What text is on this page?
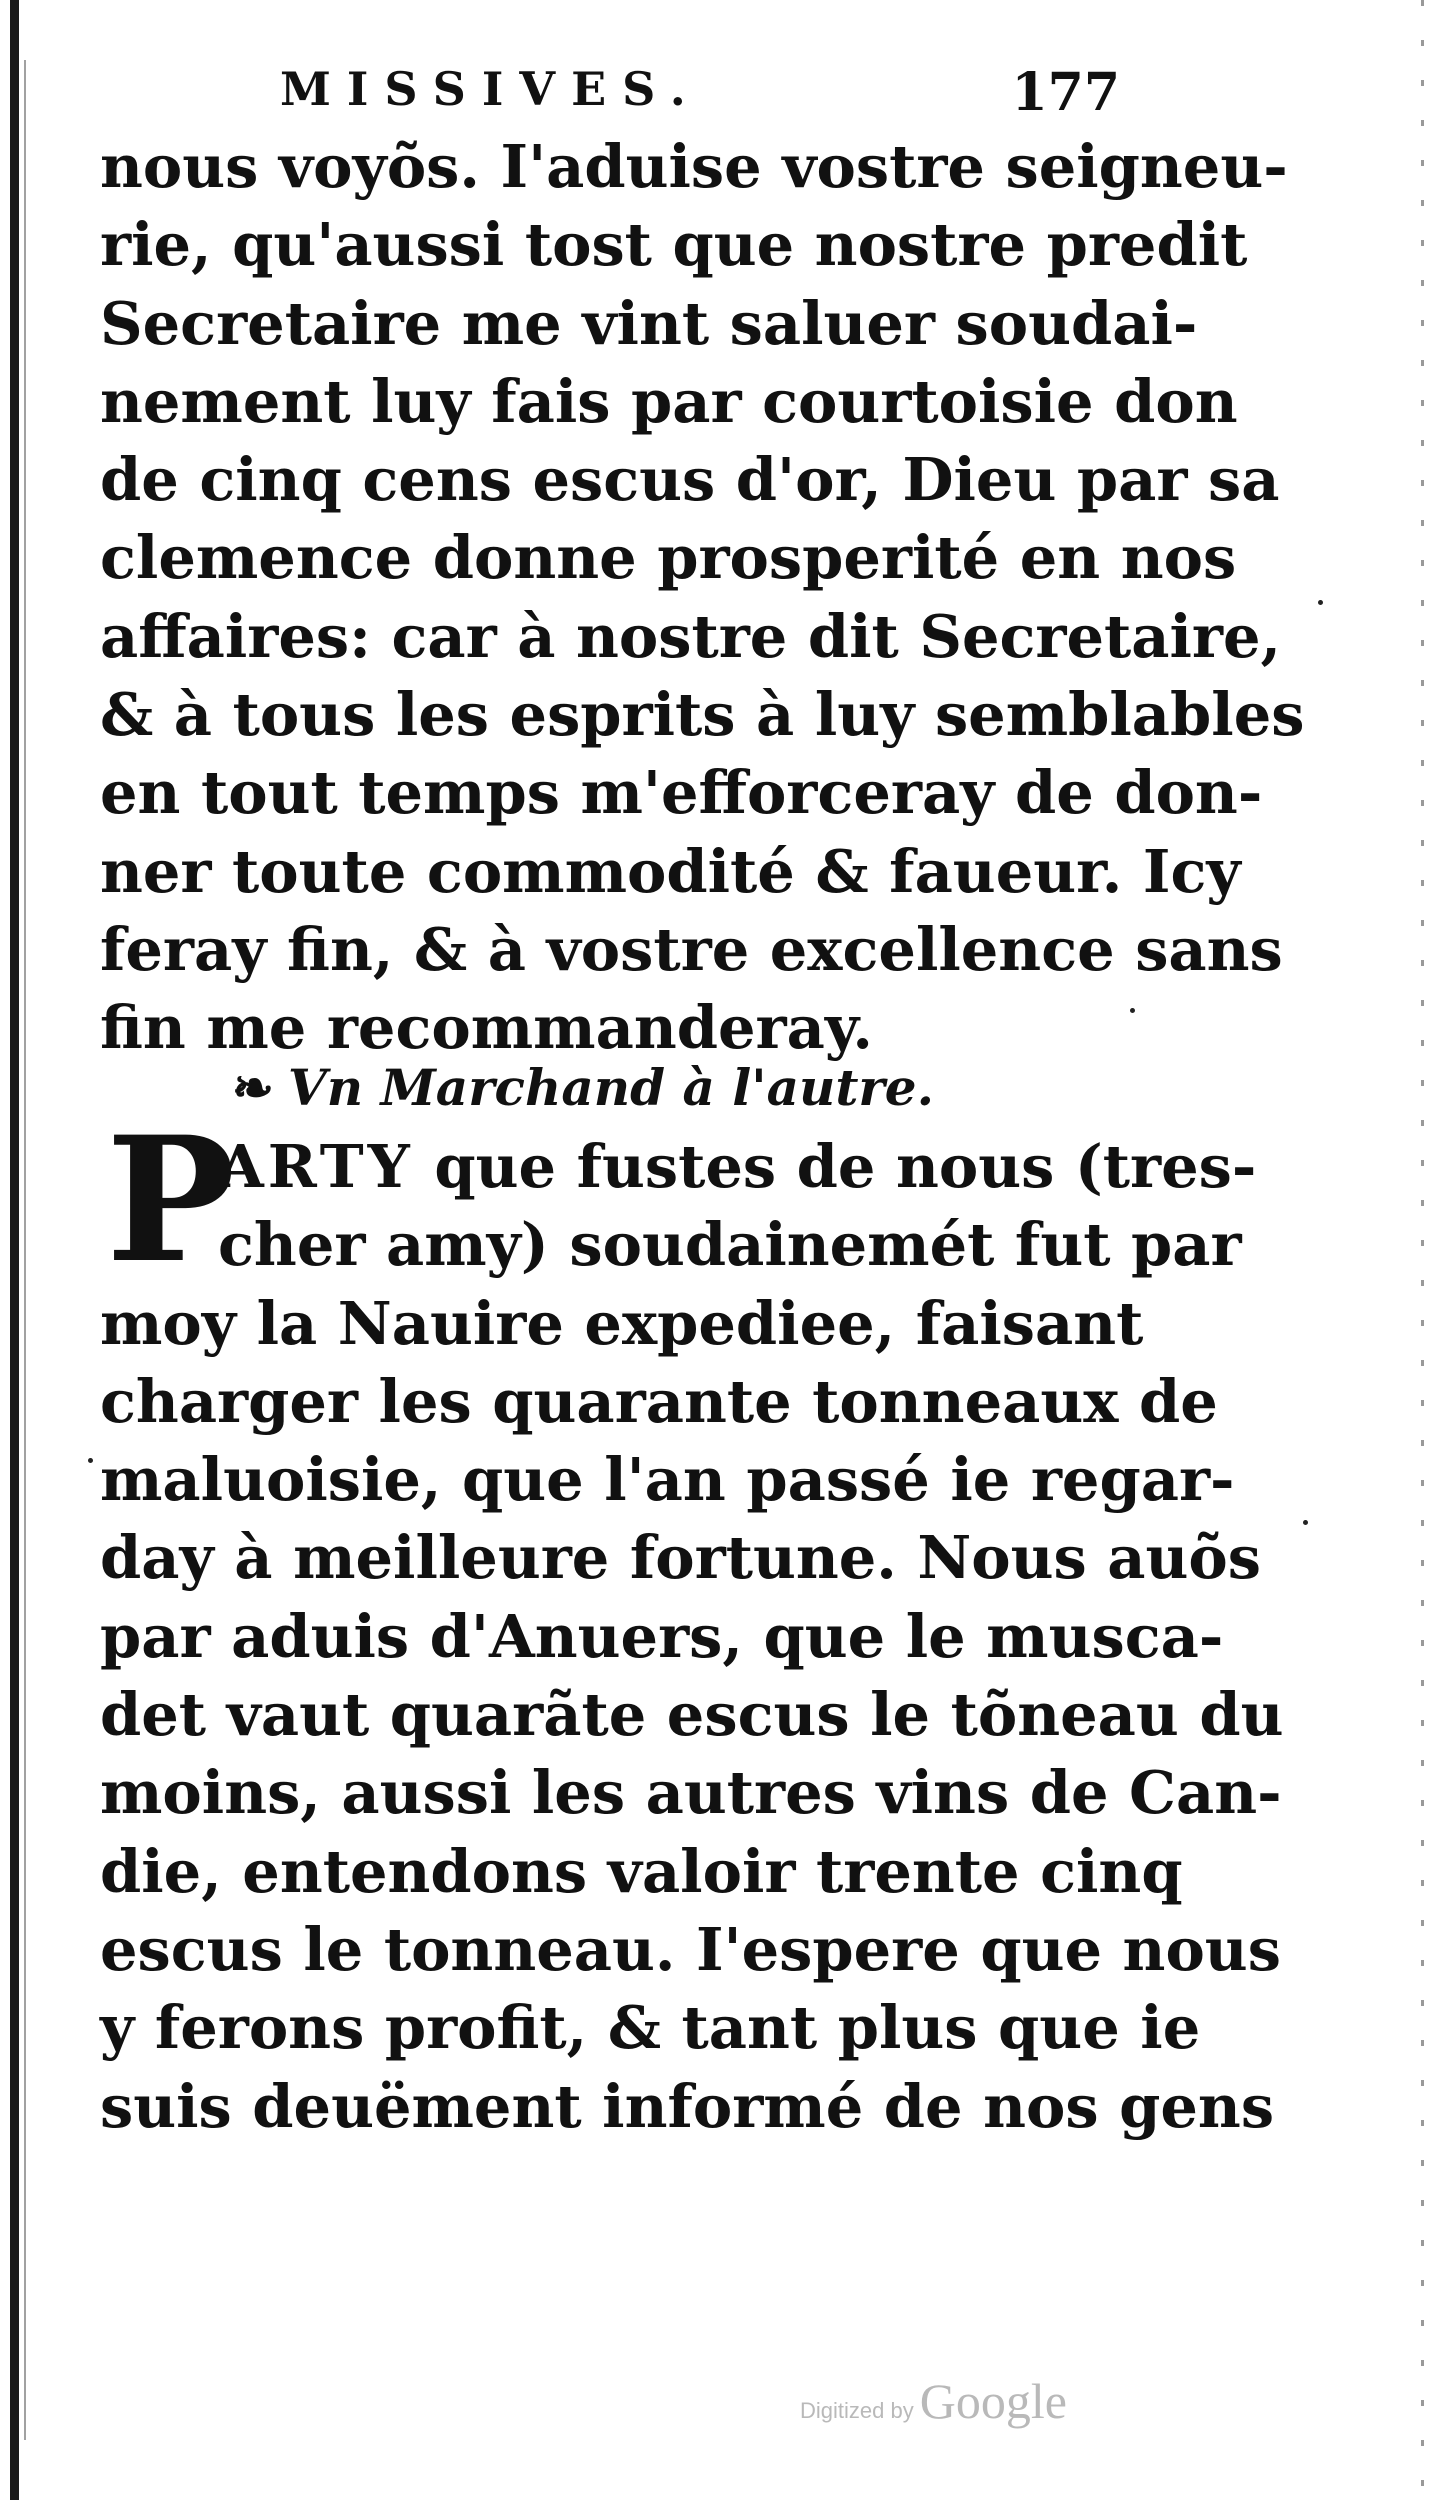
MISSIVES.	177
nous voyõs. I'aduise vostre seigneu-
rie, qu'aussi tost que nostre predit
Secretaire me vint saluer soudai-
nement luy fais par courtoisie don
de cinq cens escus d'or, Dieu par sa
clemence donne prosperité en nos
affaires: car à nostre dit Secretaire,
& à tous les esprits à luy semblables
en tout temps m'efforceray de don-
ner toute commodité & faueur. Icy
feray fin, & à vostre excellence sans
fin me recommanderay.
❧ Vn Marchand à l'autre.
P
ARTY que fustes de nous (tres-
cher amy) soudainemét fut par
moy la Nauire expediee, faisant
charger les quarante tonneaux de
maluoisie, que l'an passé ie regar-
day à meilleure fortune. Nous auõs
par aduis d'Anuers, que le musca-
det vaut quarãte escus le tõneau du
moins, aussi les autres vins de Can-
die, entendons valoir trente cinq
escus le tonneau. I'espere que nous
y ferons profit, & tant plus que ie
suis deuëment informé de nos gens
Digitized by Google
